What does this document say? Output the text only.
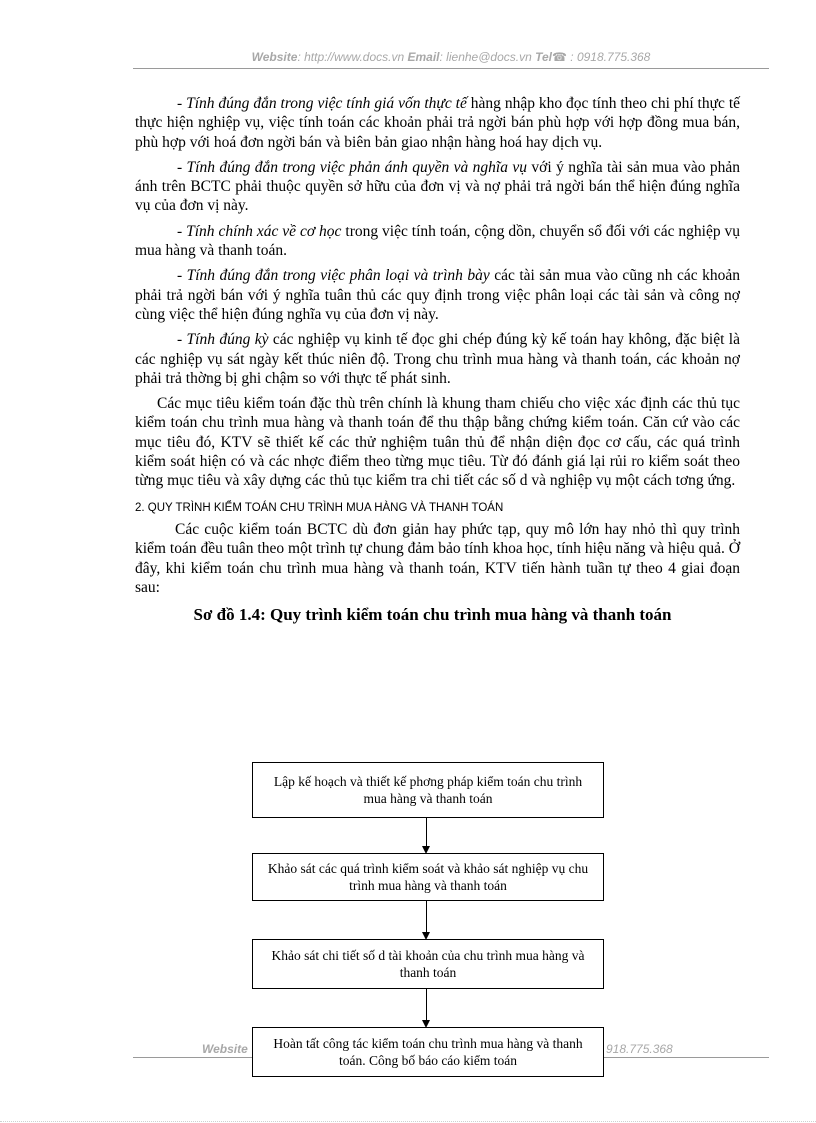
Website: http://www.docs.vn Email: lienhe@docs.vn Tel☎ : 0918.775.368

- Tính đúng đắn trong việc tính giá vốn thực tế hàng nhập kho đọc tính theo chi phí thực tế thực hiện nghiệp vụ, việc tính toán các khoản phải trả ngời bán phù hợp với hợp đồng mua bán, phù hợp với hoá đơn ngời bán và biên bản giao nhận hàng hoá hay dịch vụ.

- Tính đúng đắn trong việc phản ánh quyền và nghĩa vụ với ý nghĩa tài sản mua vào phản ánh trên BCTC phải thuộc quyền sở hữu của đơn vị và nợ phải trả ngời bán thể hiện đúng nghĩa vụ của đơn vị này.

- Tính chính xác về cơ học trong việc tính toán, cộng dồn, chuyển sổ đối với các nghiệp vụ mua hàng và thanh toán.

- Tính đúng đắn trong việc phân loại và trình bày các tài sản mua vào cũng nh các khoản phải trả ngời bán với ý nghĩa tuân thủ các quy định trong việc phân loại các tài sản và công nợ cùng việc thể hiện đúng nghĩa vụ của đơn vị này.

- Tính đúng kỳ các nghiệp vụ kinh tế đọc ghi chép đúng kỳ kế toán hay không, đặc biệt là các nghiệp vụ sát ngày kết thúc niên độ. Trong chu trình mua hàng và thanh toán, các khoản nợ phải trả thờng bị ghi chậm so với thực tế phát sinh.

Các mục tiêu kiểm toán đặc thù trên chính là khung tham chiếu cho việc xác định các thủ tục kiểm toán chu trình mua hàng và thanh toán để thu thập bằng chứng kiểm toán. Căn cứ vào các mục tiêu đó, KTV sẽ thiết kế các thử nghiệm tuân thủ để nhận diện đọc cơ cấu, các quá trình kiểm soát hiện có và các nhợc điểm theo từng mục tiêu. Từ đó đánh giá lại rủi ro kiểm soát theo từng mục tiêu và xây dựng các thủ tục kiểm tra chi tiết các số d và nghiệp vụ một cách tơng ứng.

2. QUY TRÌNH KIỂM TOÁN CHU TRÌNH MUA HÀNG VÀ THANH TOÁN

Các cuộc kiểm toán BCTC dù đơn giản hay phức tạp, quy mô lớn hay nhỏ thì quy trình kiểm toán đều tuân theo một trình tự chung đảm bảo tính khoa học, tính hiệu năng và hiệu quả. Ở đây, khi kiểm toán chu trình mua hàng và thanh toán, KTV tiến hành tuần tự theo 4 giai đoạn sau:

Sơ đồ 1.4: Quy trình kiểm toán chu trình mua hàng và thanh toán

Lập kế hoạch và thiết kế phơng pháp kiểm toán chu trình mua hàng và thanh toán
Khảo sát các quá trình kiểm soát và khảo sát nghiệp vụ chu trình mua hàng và thanh toán
Khảo sát chi tiết số d tài khoản của chu trình mua hàng và thanh toán
Website	918.775.368
Hoàn tất công tác kiểm toán chu trình mua hàng và thanh toán. Công bố báo cáo kiểm toán
